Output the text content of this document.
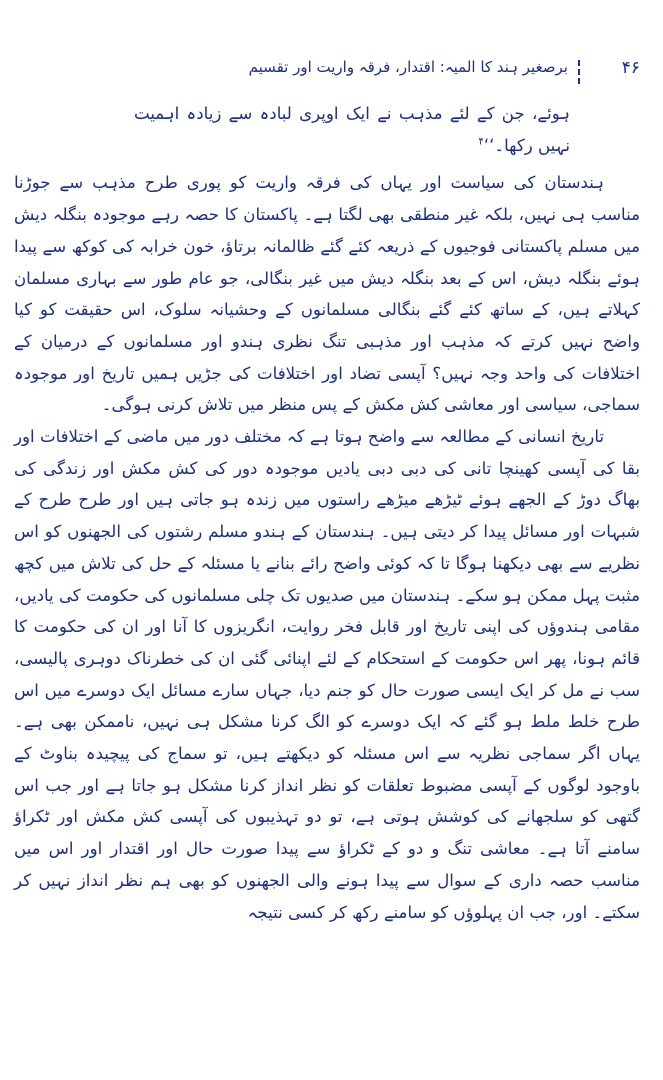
۴۶
برصغیر ہند کا المیہ: اقتدار، فرقہ واریت اور تقسیم

ہوئے، جن کے لئے مذہب نے ایک اوپری لبادہ سے زیادہ اہمیت نہیں رکھا۔‘‘$^۴$

ہندستان کی سیاست اور یہاں کی فرقہ واریت کو پوری طرح مذہب سے جوڑنا مناسب ہی نہیں، بلکہ غیر منطقی بھی لگتا ہے۔ پاکستان کا حصہ رہے موجودہ بنگلہ دیش میں مسلم پاکستانی فوجیوں کے ذریعہ کئے گئے ظالمانہ برتاؤ، خون خرابہ کی کوکھ سے پیدا ہوئے بنگلہ دیش، اس کے بعد بنگلہ دیش میں غیر بنگالی، جو عام طور سے بہاری مسلمان کہلاتے ہیں، کے ساتھ کئے گئے بنگالی مسلمانوں کے وحشیانہ سلوک، اس حقیقت کو کیا واضح نہیں کرتے کہ مذہب اور مذہبی تنگ نظری ہندو اور مسلمانوں کے درمیان کے اختلافات کی واحد وجہ نہیں؟ آپسی تضاد اور اختلافات کی جڑیں ہمیں تاریخ اور موجودہ سماجی، سیاسی اور معاشی کش مکش کے پس منظر میں تلاش کرنی ہوگی۔

تاریخ انسانی کے مطالعہ سے واضح ہوتا ہے کہ مختلف دور میں ماضی کے اختلافات اور بقا کی آپسی کھینچا تانی کی دبی دبی یادیں موجودہ دور کی کش مکش اور زندگی کی بھاگ دوڑ کے الجھے ہوئے ٹیڑھے میڑھے راستوں میں زندہ ہو جاتی ہیں اور طرح طرح کے شبہات اور مسائل پیدا کر دیتی ہیں۔ ہندستان کے ہندو مسلم رشتوں کی الجھنوں کو اس نظریے سے بھی دیکھنا ہوگا تا کہ کوئی واضح رائے بنانے یا مسئلہ کے حل کی تلاش میں کچھ مثبت پہل ممکن ہو سکے۔ ہندستان میں صدیوں تک چلی مسلمانوں کی حکومت کی یادیں، مقامی ہندوؤں کی اپنی تاریخ اور قابل فخر روایت، انگریزوں کا آنا اور ان کی حکومت کا قائم ہونا، پھر اس حکومت کے استحکام کے لئے اپنائی گئی ان کی خطرناک دوہری پالیسی، سب نے مل کر ایک ایسی صورت حال کو جنم دیا، جہاں سارے مسائل ایک دوسرے میں اس طرح خلط ملط ہو گئے کہ ایک دوسرے کو الگ کرنا مشکل ہی نہیں، ناممکن بھی ہے۔ یہاں اگر سماجی نظریہ سے اس مسئلہ کو دیکھتے ہیں، تو سماج کی پیچیدہ بناوٹ کے باوجود لوگوں کے آپسی مضبوط تعلقات کو نظر انداز کرنا مشکل ہو جاتا ہے اور جب اس گتھی کو سلجھانے کی کوشش ہوتی ہے، تو دو تہذیبوں کی آپسی کش مکش اور ٹکراؤ سامنے آتا ہے۔ معاشی تنگ و دو کے ٹکراؤ سے پیدا صورت حال اور اقتدار اور اس میں مناسب حصہ داری کے سوال سے پیدا ہونے والی الجھنوں کو بھی ہم نظر انداز نہیں کر سکتے۔ اور، جب ان پہلوؤں کو سامنے رکھ کر کسی نتیجہ
